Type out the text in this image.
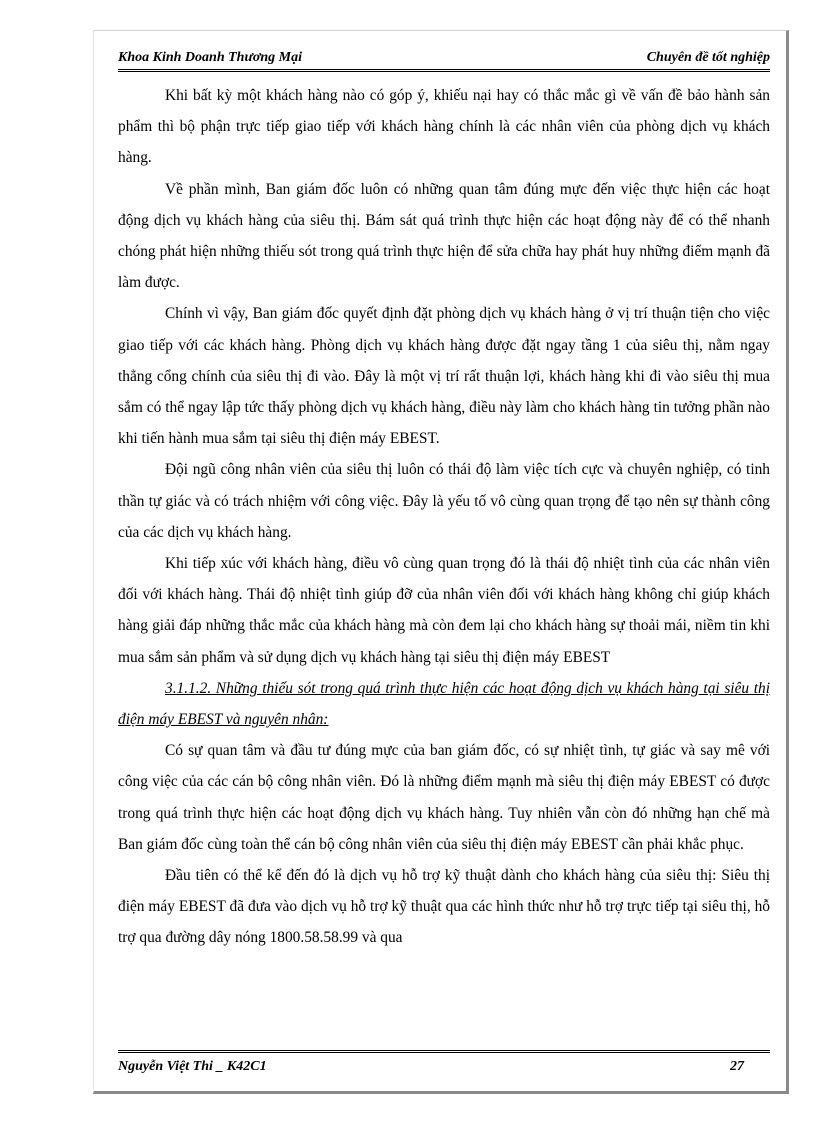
Khoa Kinh Doanh Thương Mại	Chuyên đề tốt nghiệp

Khi bất kỳ một khách hàng nào có góp ý, khiếu nại hay có thắc mắc gì về vấn đề bảo hành sản phẩm thì bộ phận trực tiếp giao tiếp với khách hàng chính là các nhân viên của phòng dịch vụ khách hàng.

Về phần mình, Ban giám đốc luôn có những quan tâm đúng mực đến việc thực hiện các hoạt động dịch vụ khách hàng của siêu thị. Bám sát quá trình thực hiện các hoạt động này để có thể nhanh chóng phát hiện những thiếu sót trong quá trình thực hiện để sửa chữa hay phát huy những điểm mạnh đã làm được.

Chính vì vậy, Ban giám đốc quyết định đặt phòng dịch vụ khách hàng ở vị trí thuận tiện cho việc giao tiếp với các khách hàng. Phòng dịch vụ khách hàng được đặt ngay tầng 1 của siêu thị, nằm ngay thẳng cổng chính của siêu thị đi vào. Đây là một vị trí rất thuận lợi, khách hàng khi đi vào siêu thị mua sắm có thể ngay lập tức thấy phòng dịch vụ khách hàng, điều này làm cho khách hàng tin tưởng phần nào khi tiến hành mua sắm tại siêu thị điện máy EBEST.

Đội ngũ công nhân viên của siêu thị luôn có thái độ làm việc tích cực và chuyên nghiệp, có tinh thần tự giác và có trách nhiệm với công việc. Đây là yếu tố vô cùng quan trọng để tạo nên sự thành công của các dịch vụ khách hàng.

Khi tiếp xúc với khách hàng, điều vô cùng quan trọng đó là thái độ nhiệt tình của các nhân viên đối với khách hàng. Thái độ nhiệt tình giúp đỡ của nhân viên đối với khách hàng không chỉ giúp khách hàng giải đáp những thắc mắc của khách hàng mà còn đem lại cho khách hàng sự thoải mái, niềm tin khi mua sắm sản phẩm và sử dụng dịch vụ khách hàng tại siêu thị điện máy EBEST

3.1.1.2. Những thiếu sót trong quá trình thực hiện các hoạt động dịch vụ khách hàng tại siêu thị điện máy EBEST và nguyên nhân:

Có sự quan tâm và đầu tư đúng mực của ban giám đốc, có sự nhiệt tình, tự giác và say mê với công việc của các cán bộ công nhân viên. Đó là những điểm mạnh mà siêu thị điện máy EBEST có được trong quá trình thực hiện các hoạt động dịch vụ khách hàng. Tuy nhiên vẫn còn đó những hạn chế mà Ban giám đốc cùng toàn thể cán bộ công nhân viên của siêu thị điện máy EBEST cần phải khắc phục.

Đầu tiên có thể kể đến đó là dịch vụ hỗ trợ kỹ thuật dành cho khách hàng của siêu thị: Siêu thị điện máy EBEST đã đưa vào dịch vụ hỗ trợ kỹ thuật qua các hình thức như hỗ trợ trực tiếp tại siêu thị, hỗ trợ qua đường dây nóng 1800.58.58.99 và qua

Nguyễn Việt Thi _ K42C1	27
